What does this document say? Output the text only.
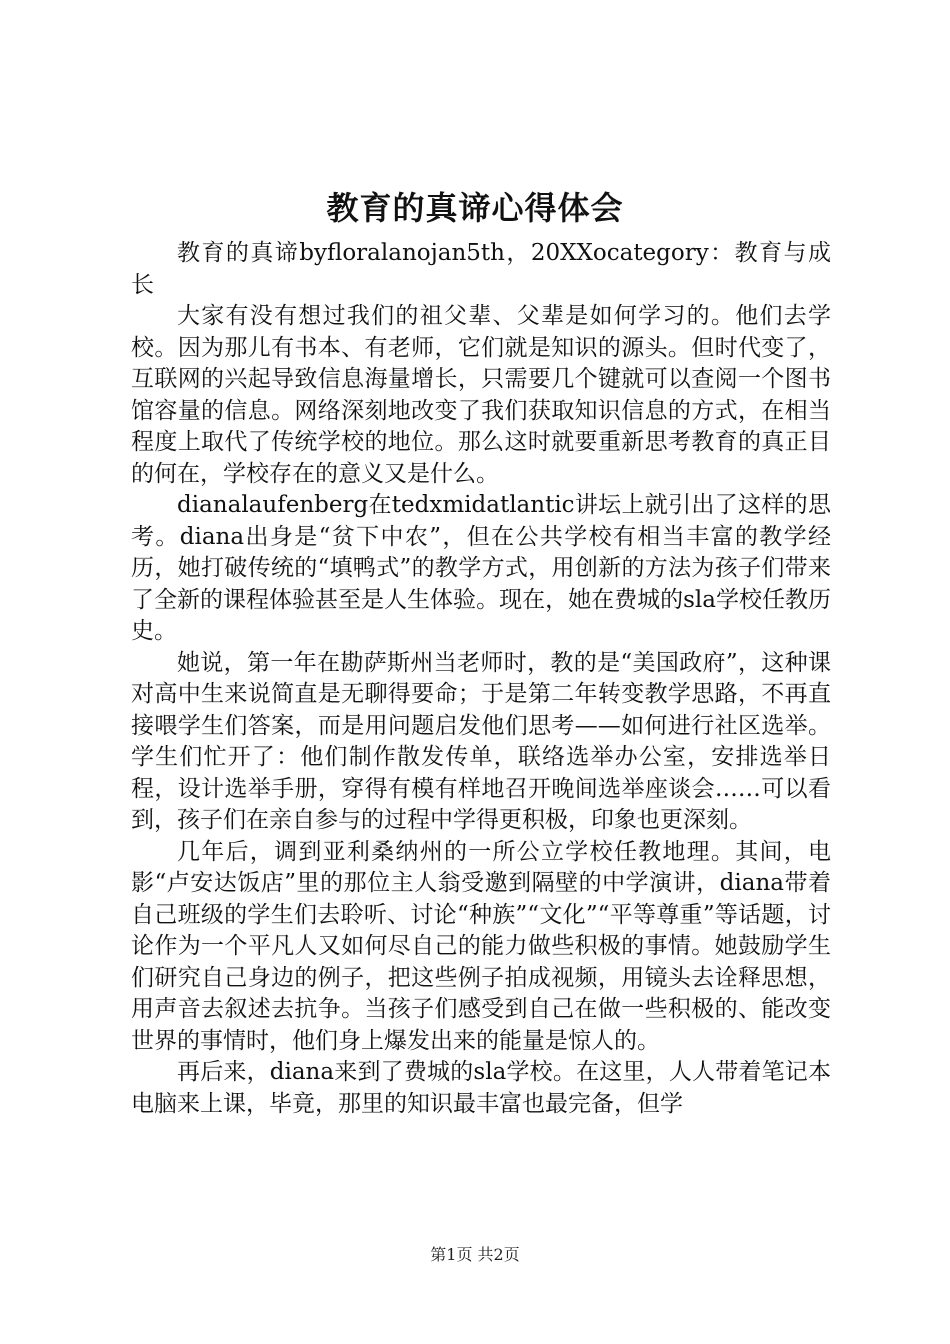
教育的真谛心得体会

教育的真谛byfloralanojan5th，20XXocategory：教育与成长

大家有没有想过我们的祖父辈、父辈是如何学习的。他们去学校。因为那儿有书本、有老师，它们就是知识的源头。但时代变了，互联网的兴起导致信息海量增长，只需要几个键就可以查阅一个图书馆容量的信息。网络深刻地改变了我们获取知识信息的方式，在相当程度上取代了传统学校的地位。那么这时就要重新思考教育的真正目的何在，学校存在的意义又是什么。

dianalaufenberg在tedxmidatlantic讲坛上就引出了这样的思考。diana出身是“贫下中农”，但在公共学校有相当丰富的教学经历，她打破传统的“填鸭式”的教学方式，用创新的方法为孩子们带来了全新的课程体验甚至是人生体验。现在，她在费城的sla学校任教历史。

她说，第一年在勘萨斯州当老师时，教的是“美国政府”，这种课对高中生来说简直是无聊得要命；于是第二年转变教学思路，不再直接喂学生们答案，而是用问题启发他们思考——如何进行社区选举。学生们忙开了：他们制作散发传单，联络选举办公室，安排选举日程，设计选举手册，穿得有模有样地召开晚间选举座谈会……可以看到，孩子们在亲自参与的过程中学得更积极，印象也更深刻。

几年后，调到亚利桑纳州的一所公立学校任教地理。其间，电影“卢安达饭店”里的那位主人翁受邀到隔壁的中学演讲，diana带着自己班级的学生们去聆听、讨论“种族”“文化”“平等尊重”等话题，讨论作为一个平凡人又如何尽自己的能力做些积极的事情。她鼓励学生们研究自己身边的例子，把这些例子拍成视频，用镜头去诠释思想，用声音去叙述去抗争。当孩子们感受到自己在做一些积极的、能改变世界的事情时，他们身上爆发出来的能量是惊人的。

再后来，diana来到了费城的sla学校。在这里，人人带着笔记本电脑来上课，毕竟，那里的知识最丰富也最完备，但学

第1页 共2页
